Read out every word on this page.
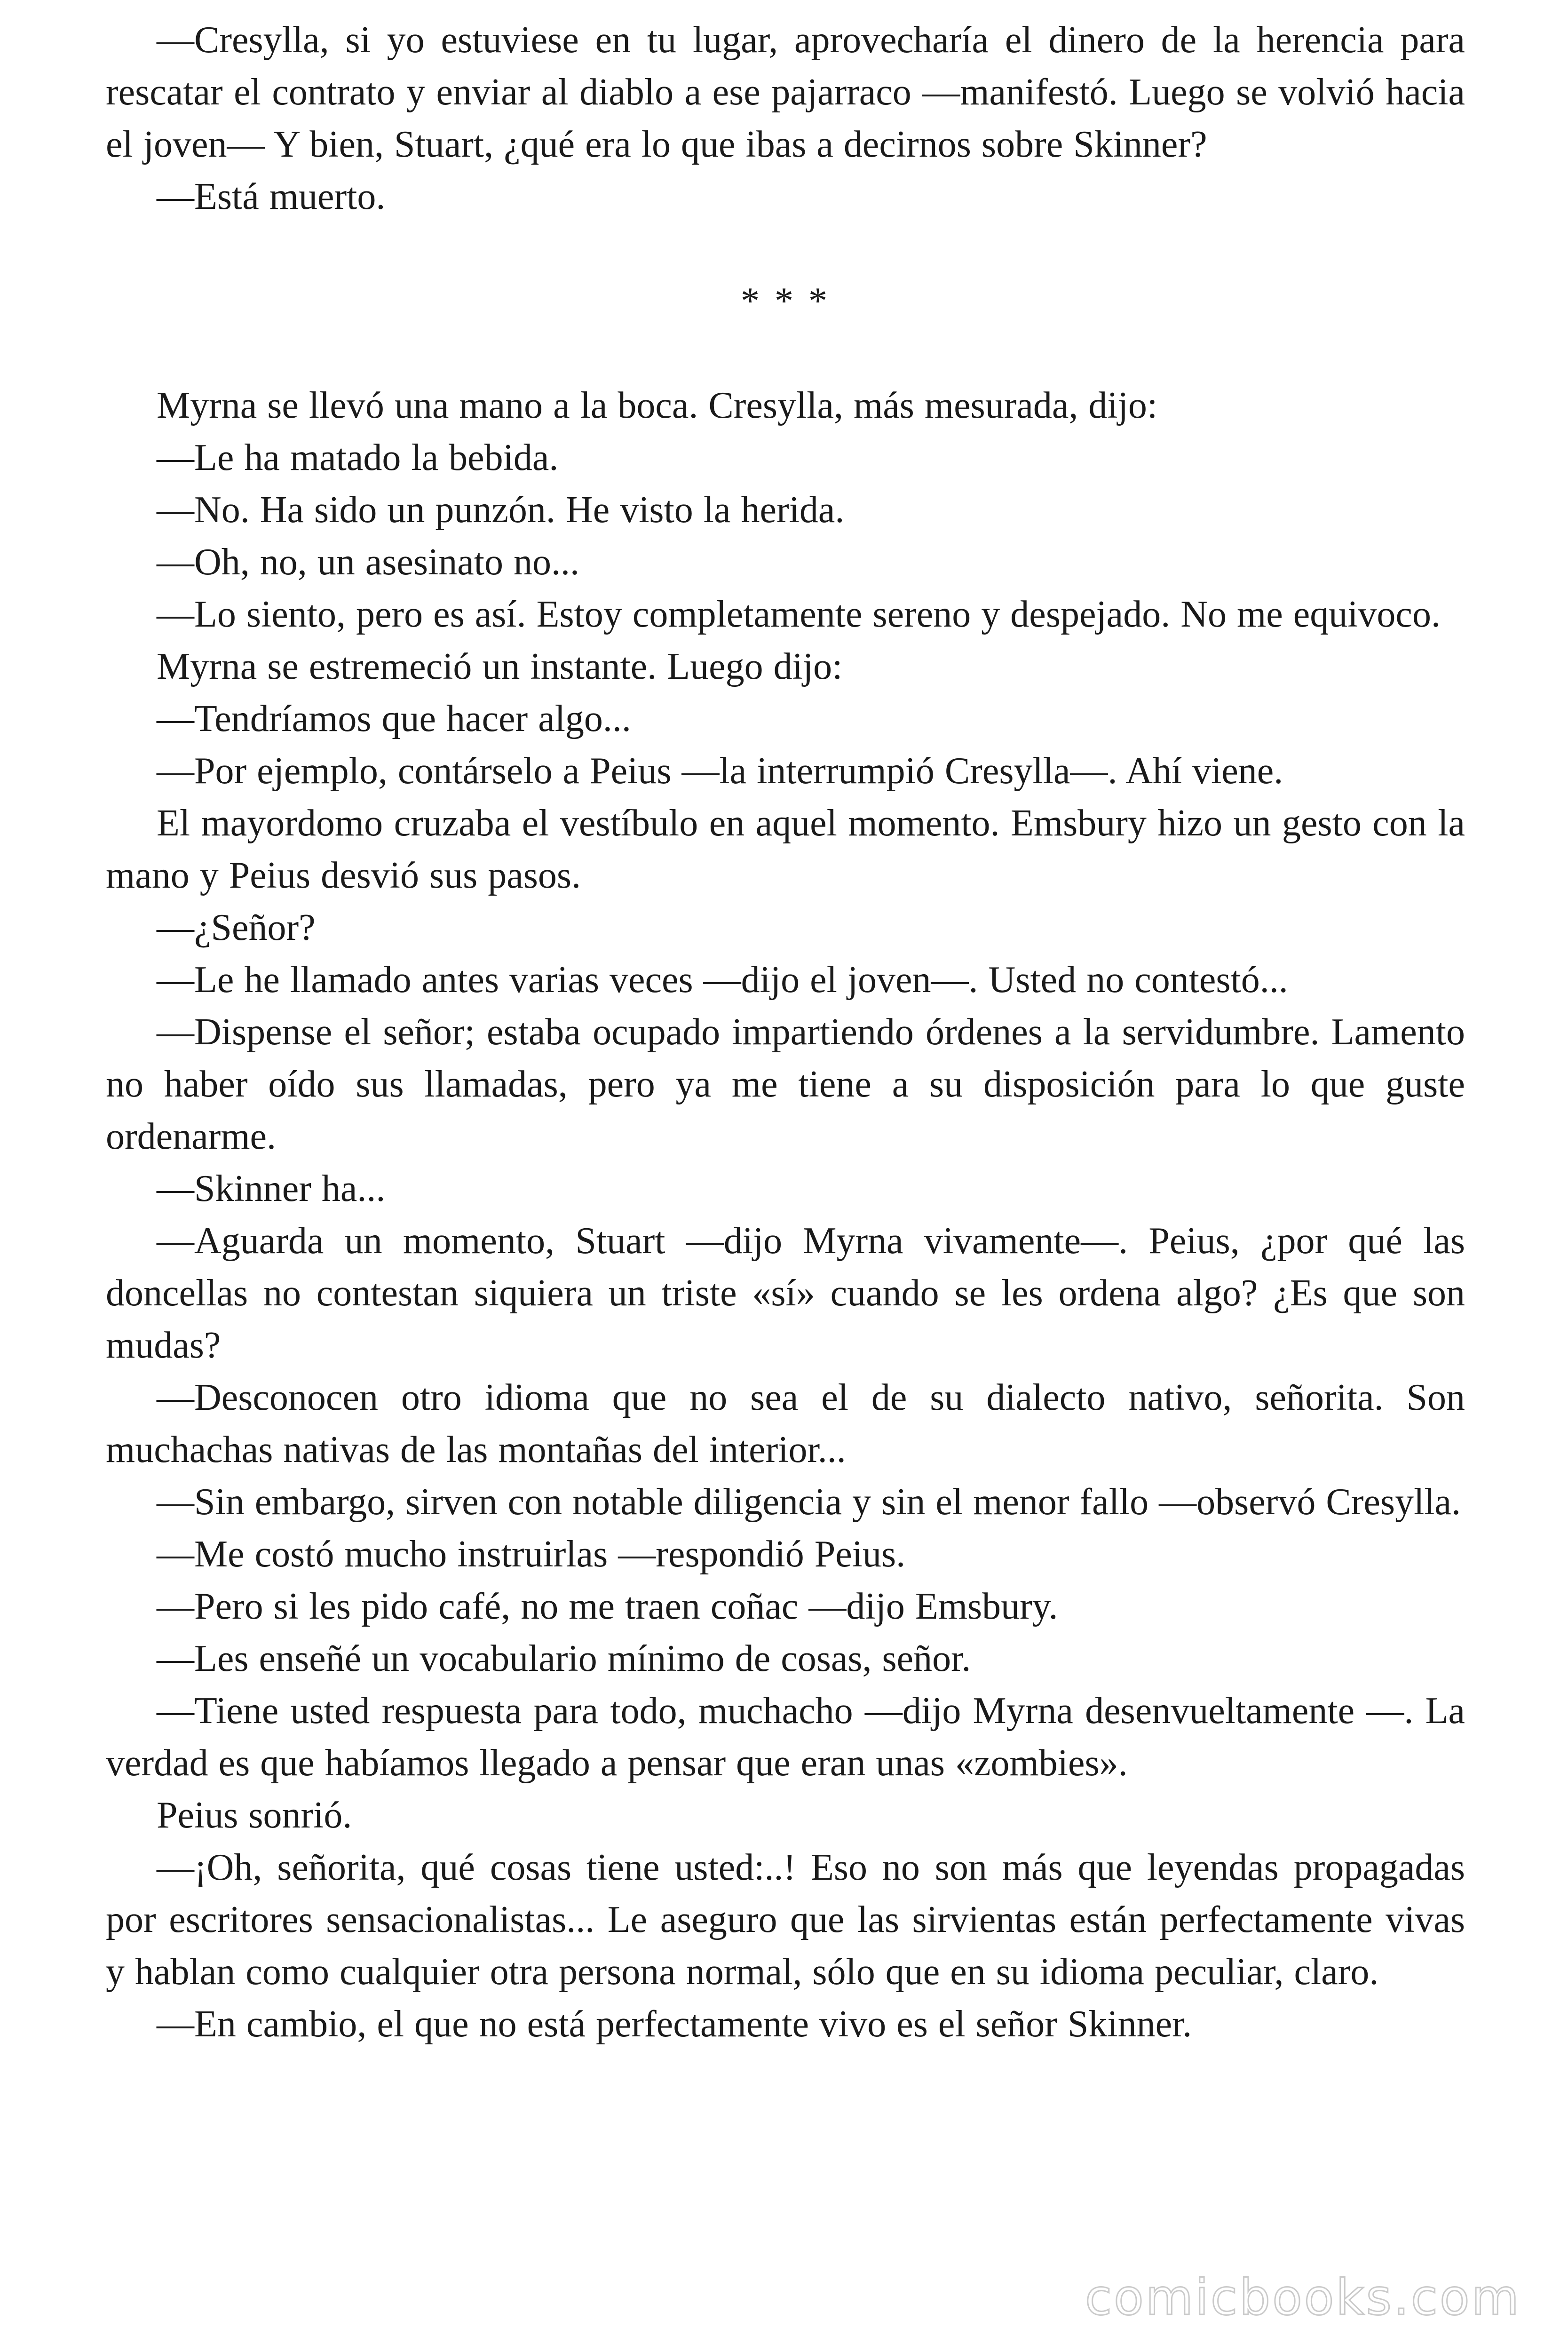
—Cresylla, si yo estuviese en tu lugar, aprovecharía el dinero de la herencia para rescatar el contrato y enviar al diablo a ese pajarraco —manifestó. Luego se volvió hacia el joven— Y bien, Stuart, ¿qué era lo que ibas a decirnos sobre Skinner?

—Está muerto.

* * *

Myrna se llevó una mano a la boca. Cresylla, más mesurada, dijo:

—Le ha matado la bebida.

—No. Ha sido un punzón. He visto la herida.

—Oh, no, un asesinato no...

—Lo siento, pero es así. Estoy completamente sereno y despejado. No me equivoco.

Myrna se estremeció un instante. Luego dijo:

—Tendríamos que hacer algo...

—Por ejemplo, contárselo a Peius —la interrumpió Cresylla—. Ahí viene.

El mayordomo cruzaba el vestíbulo en aquel momento. Emsbury hizo un gesto con la mano y Peius desvió sus pasos.

—¿Señor?

—Le he llamado antes varias veces —dijo el joven—. Usted no contestó...

—Dispense el señor; estaba ocupado impartiendo órdenes a la servidumbre. Lamento no haber oído sus llamadas, pero ya me tiene a su disposición para lo que guste ordenarme.

—Skinner ha...

—Aguarda un momento, Stuart —dijo Myrna vivamente—. Peius, ¿por qué las doncellas no contestan siquiera un triste «sí» cuando se les ordena algo? ¿Es que son mudas?

—Desconocen otro idioma que no sea el de su dialecto nativo, señorita. Son muchachas nativas de las montañas del interior...

—Sin embargo, sirven con notable diligencia y sin el menor fallo —observó Cresylla.

—Me costó mucho instruirlas —respondió Peius.

—Pero si les pido café, no me traen coñac —dijo Emsbury.

—Les enseñé un vocabulario mínimo de cosas, señor.

—Tiene usted respuesta para todo, muchacho —dijo Myrna desenvueltamente —. La verdad es que habíamos llegado a pensar que eran unas «zombies».

Peius sonrió.

—¡Oh, señorita, qué cosas tiene usted:..! Eso no son más que leyendas propagadas por escritores sensacionalistas... Le aseguro que las sirvientas están perfectamente vivas y hablan como cualquier otra persona normal, sólo que en su idioma peculiar, claro.

—En cambio, el que no está perfectamente vivo es el señor Skinner.

comicbooks.com
